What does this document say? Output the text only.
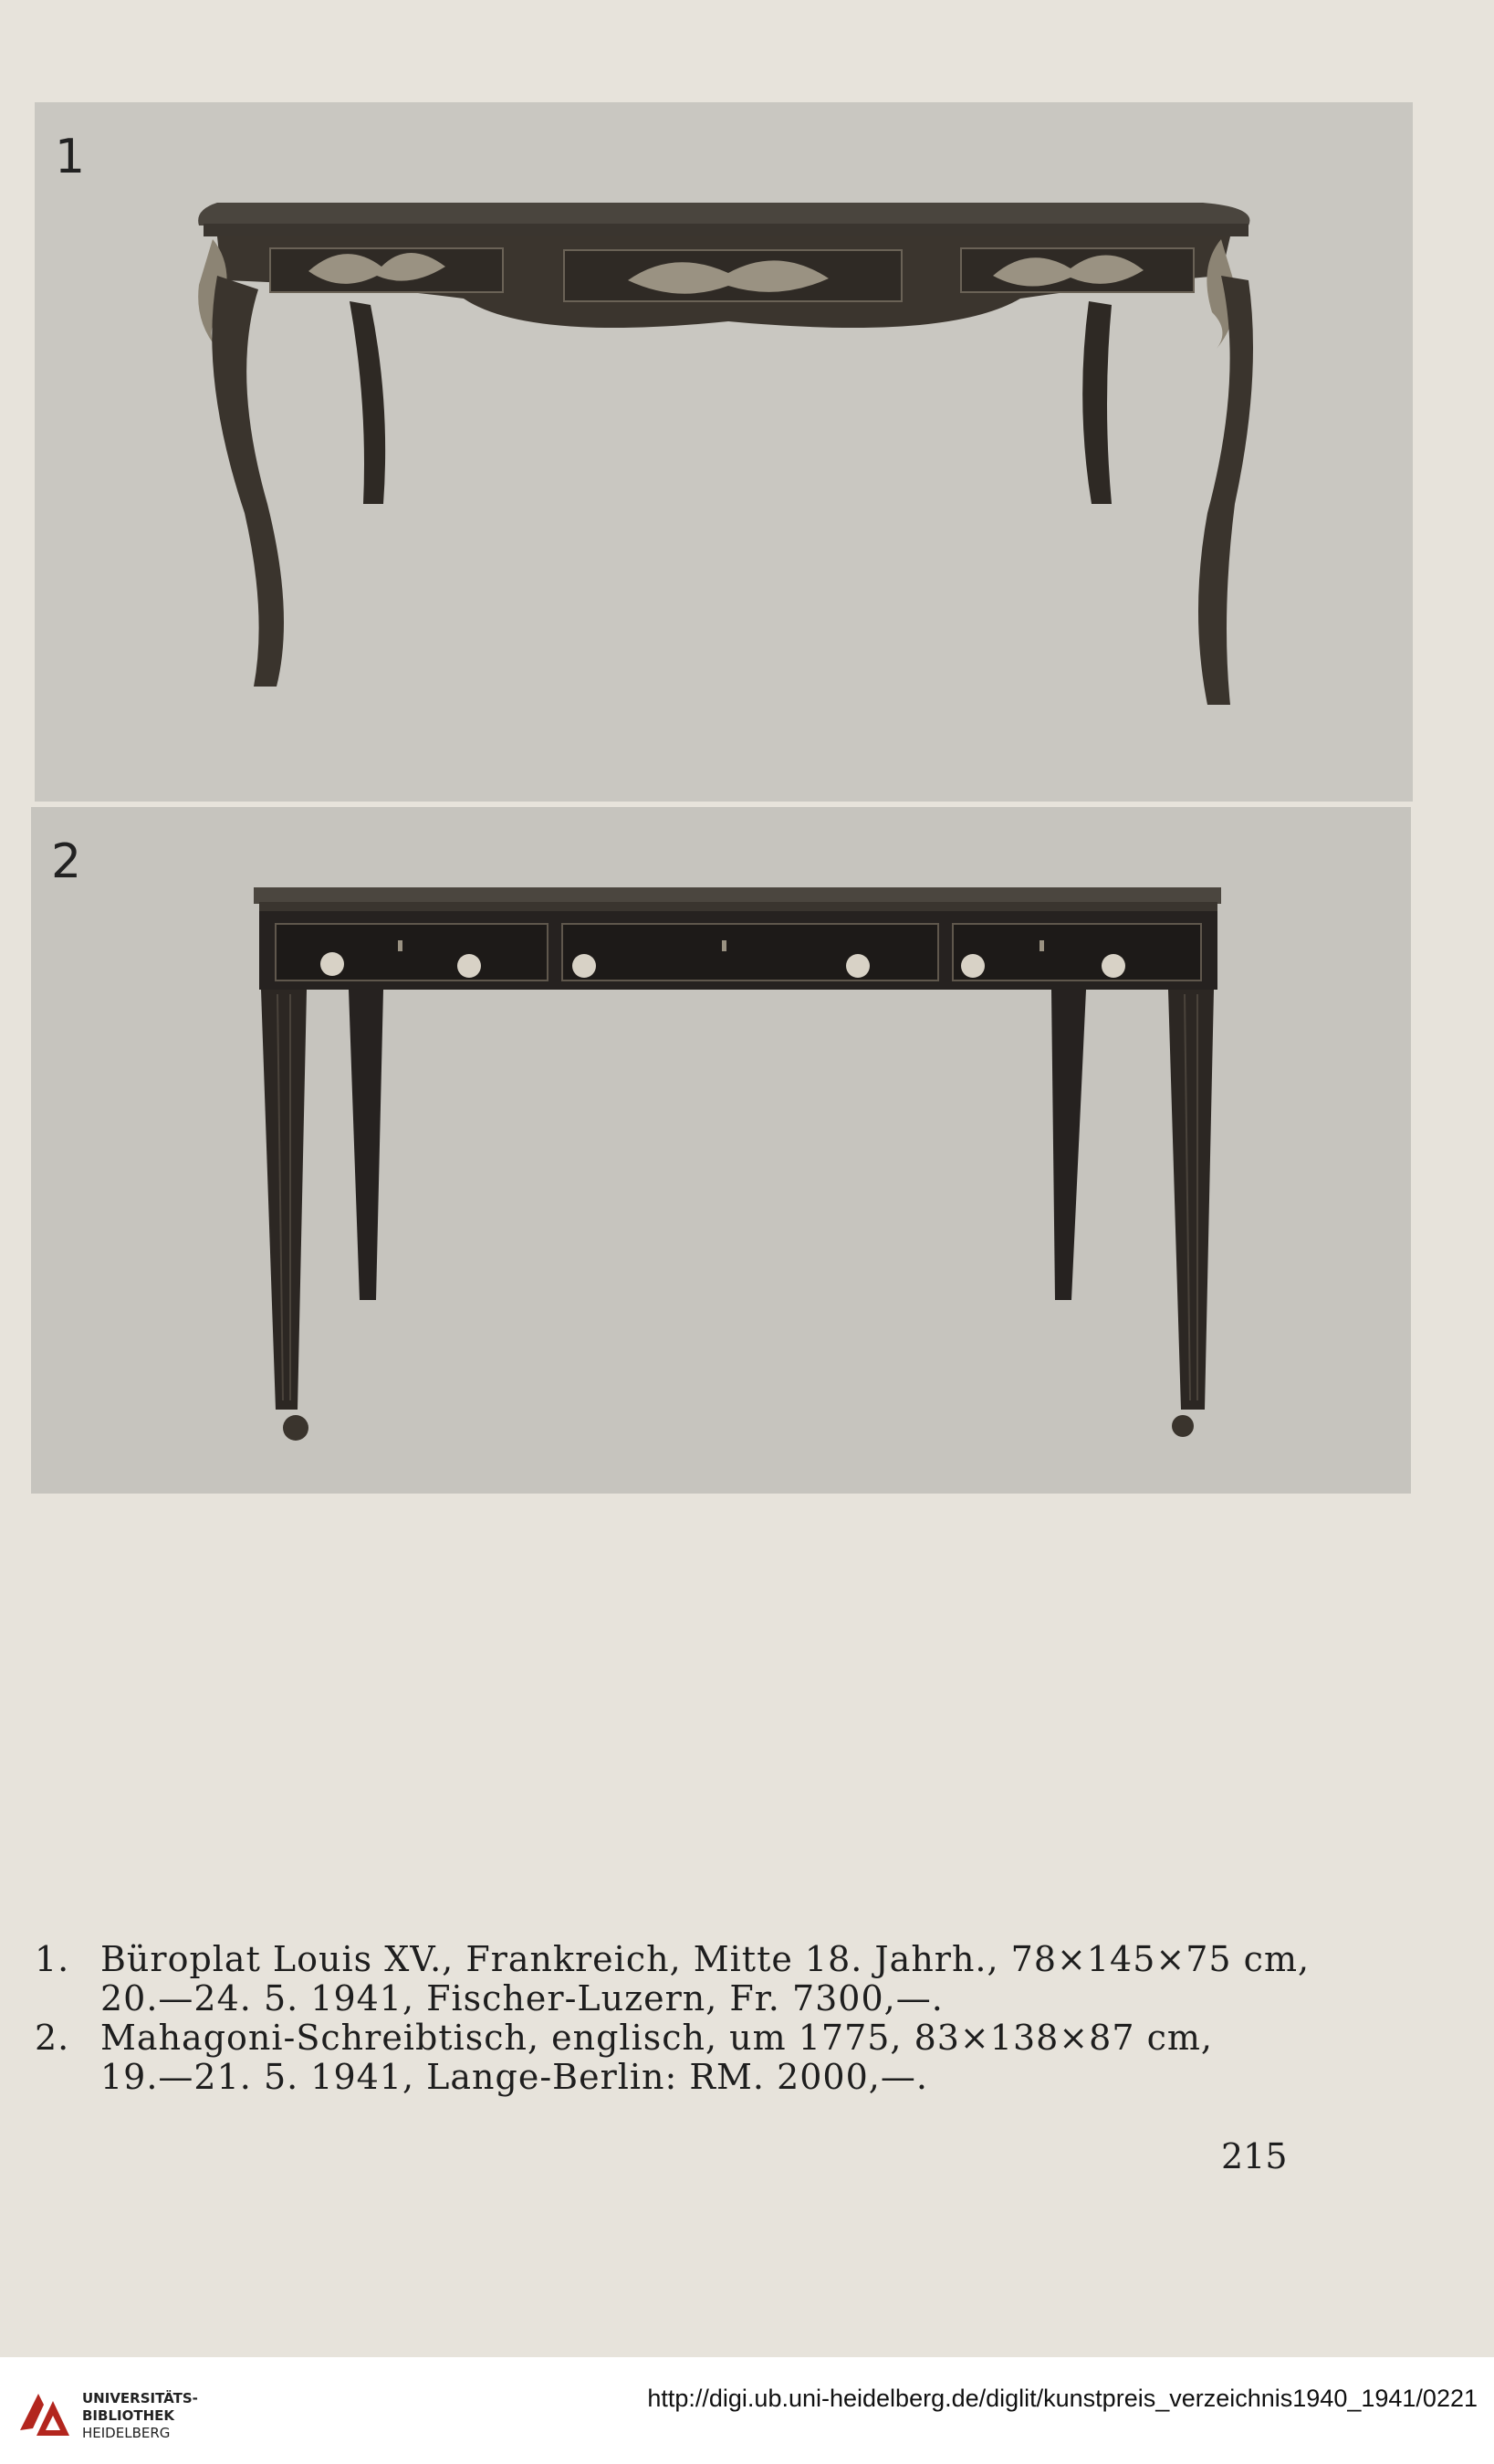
1
2
1. Büroplat Louis XV., Frankreich, Mitte 18. Jahrh., 78×145×75 cm,
20.—24. 5. 1941, Fischer-Luzern, Fr. 7300,—.
2. Mahagoni-Schreibtisch, englisch, um 1775, 83×138×87 cm,
19.—21. 5. 1941, Lange-Berlin: RM. 2000,—.
215
UNIVERSITÄTS-
BIBLIOTHEK
HEIDELBERG
http://digi.ub.uni-heidelberg.de/diglit/kunstpreis_verzeichnis1940_1941/0221
